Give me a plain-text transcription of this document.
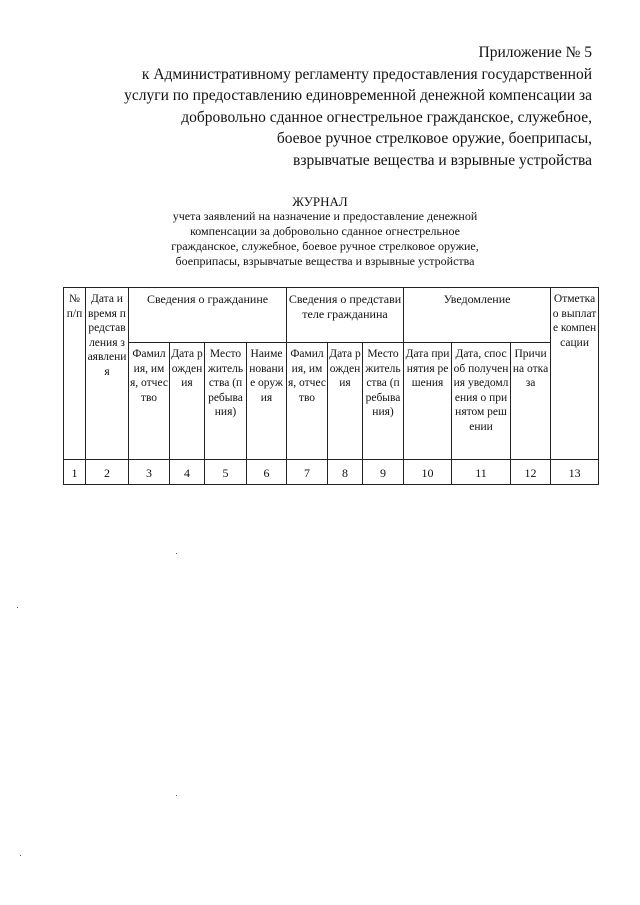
Приложение № 5
к Административному регламенту предоставления государственной
услуги по предоставлению единовременной денежной компенсации за
добровольно сданное огнестрельное гражданское, служебное,
боевое ручное стрелковое оружие, боеприпасы,
взрывчатые вещества и взрывные устройства
ЖУРНАЛ
учета заявлений на назначение и предоставление денежной
компенсации за добровольно сданное огнестрельное
гражданское, служебное, боевое ручное стрелковое оружие,
боеприпасы, взрывчатые вещества и взрывные устройства
№ п/п	Дата и время представления заявления	Сведения о гражданине				Сведения о представителе гражданина			Уведомление			Отметка о выплате компенсации
		Фамилия, имя, отчество	Дата рождения	Место жительства (пребывания)	Наименование оружия	Фамилия, имя, отчество	Дата рождения	Место жительства (пребывания)	Дата принятия решения	Дата, способ получения уведомления о принятом решении	Причина отказа	
1	2	3	4	5	6	7	8	9	10	11	12	13
